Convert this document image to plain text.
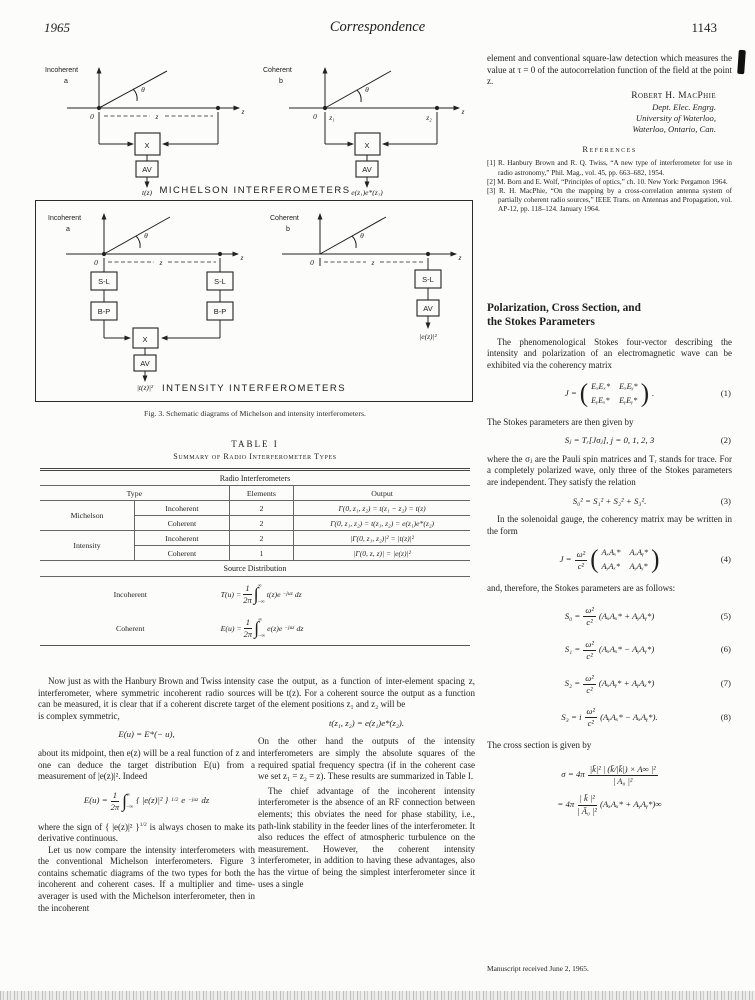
1965	Correspondence	1143
Incoherent
a
θ
0
z
z
X
AV
t(z)
Coherent
b
θ
0 z₁	z₂
z
X
AV
e(z₁)e*(z₂)
MICHELSON INTERFEROMETERS
Incoherent
a
θ
0
z
z
S-L
B-P
S-L
B-P
X
AV
|t(z)|²
Coherent
b
θ
0
z
z
S-L
AV
|e(z)|²
INTENSITY INTERFEROMETERS
Fig. 3. Schematic diagrams of Michelson and intensity interferometers.
TABLE I
Summary of Radio Interferometer Types
Radio Interferometers			
Type		Elements	Output
Michelson	Incoherent	2	Γ(0, z₁, z₂) = t(z₁ − z₂) = t(z)
	Coherent	2	Γ(0, z₁, z₂) = t(z₁, z₂) = e(z₁)e*(z₂)
Intensity	Incoherent	2	|Γ(0, z₁, z₂)|² = |t(z)|²
	Coherent	1	|Γ(0, z, z)| = |e(z)|²
Source Distribution
Incoherent	$T(u) = \frac{1}{2\pi}$ ∫ ∞
−∞
t(z)e −juz dz
Coherent	$E(u) = \frac{1}{2\pi}$ ∫ ∞
−∞
e(z)e −juz dz

Now just as with the Hanbury Brown and Twiss intensity interferometer, where symmetric incoherent radio sources can be measured, it is clear that if a coherent discrete target is complex symmetric,

E(u) = E*(− u),

about its midpoint, then e(z) will be a real function of z and one can deduce the target distribution E(u) from a measurement of |e(z)|². Indeed

$E(u) = \frac{1}{2\pi}$ ∫ ∞
−∞
{ |e(z)|² } 1/2 e −juz dz

where the sign of { |e(z)|² }$^{1/2}$ is always chosen to make its derivative continuous.

Let us now compare the intensity interferometers with the conventional Michelson interferometers. Figure 3 contains schematic diagrams of the two types for both the incoherent and coherent cases. If a multiplier and time-averager is used with the Michelson interferometer, then in the incoherent

case the output, as a function of inter-element spacing z, will be t(z). For a coherent source the output as a function of the element positions z₁ and z₂ will be

t(z₁, z₂) = e(z₁)e*(z₂).

On the other hand the outputs of the intensity interferometers are simply the absolute squares of the required spatial frequency spectra (if in the coherent case we set z₁ = z₂ = z). These results are summarized in Table I.

The chief advantage of the incoherent intensity interferometer is the absence of an RF connection between elements; this obviates the need for phase stability, i.e., path-link stability in the feeder lines of the interferometer. It also reduces the effect of atmospheric turbulence on the measurement. However, the coherent intensity interferometer, in addition to having these advantages, also has the virtue of being the simplest interferometer since it uses a single

element and conventional square-law detection which measures the value at τ = 0 of the autocorrelation function of the field at the point z.

Robert H. MacPhie
Dept. Elec. Engrg.
University of Waterloo,
Waterloo, Ontario, Can.
References

[1] R. Hanbury Brown and R. Q. Twiss, “A new type of interferometer for use in radio astronomy,” Phil. Mag., vol. 45, pp. 663–682, 1954.

[2] M. Born and E. Wolf, “Principles of optics,” ch. 10. New York: Pergamon 1964.

[3] R. H. MacPhie, “On the mapping by a cross-correlation antenna system of partially coherent radio sources,” IEEE Trans. on Antennas and Propagation, vol. AP-12, pp. 118–124. January 1964.

Polarization, Cross Section, and
the Stokes Parameters

The phenomenological Stokes four-vector describing the intensity and polarization of an electromagnetic wave can be exhibited via the coherency matrix

J = ( EₓEₓ* EₓEᵧ*
EᵧEₓ* EᵧEᵧ* ) .	(1)

The Stokes parameters are then given by

Sⱼ = Tᵣ[Jσⱼ], j = 0, 1, 2, 3	(2)

where the σⱼ are the Pauli spin matrices and Tᵣ stands for trace. For a completely polarized wave, only three of the Stokes parameters are independent. They satisfy the relation

S₀² = S₁² + S₂² + S₃².	(3)

In the solenoidal gauge, the coherency matrix may be written in the form

$J = \frac{\text{ω²}}{\text{c²}}$ ( AₓAₓ* AₓAᵧ*
AᵧAₓ* AᵧAᵧ* )	(4)

and, therefore, the Stokes parameters are as follows:

$S_0 = \frac{\text{ω²}}{\text{c²}} (A_xA_x*$ + AᵧAᵧ*)	(5)
$S_1 = \frac{\text{ω²}}{\text{c²}} (A_xA_x*$ − AᵧAᵧ*)	(6)
$S_2 = \frac{\text{ω²}}{\text{c²}}$ (AₓAᵧ* + AᵧAₓ*)	(7)
S₃ = i $\frac{\text{ω²}}{\text{c²}}$ (AᵧAₓ* − AₓAᵧ*).	(8)

The cross section is given by

$\sigma = 4\pi \frac{\text{|k̄|² | (k̄/|k̄|) × A∞ |²}}{\text{| A₀ |²}}$
= $4\pi \frac{\text{| k̄ |²}}{\text{| Ā₀ |²}} (A_xA_x*$ + AᵧAᵧ*)∞
Manuscript received June 2, 1965.
